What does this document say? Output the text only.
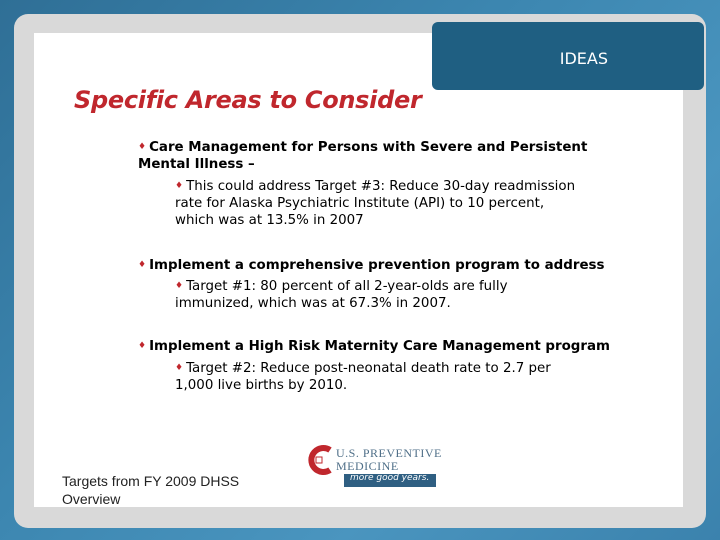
IDEAS
Specific Areas to Consider
♦ Care Management for Persons with Severe and Persistent
Mental Illness –
♦ This could address Target #3: Reduce 30-day readmission
rate for Alaska Psychiatric Institute (API) to 10 percent,
which was at 13.5% in 2007
♦ Implement a comprehensive prevention program to address
♦ Target #1: 80 percent of all 2-year-olds are fully
immunized, which was at 67.3% in 2007.
♦ Implement a High Risk Maternity Care Management program
♦ Target #2: Reduce post-neonatal death rate to 2.7 per
1,000 live births by 2010.
U.S. PREVENTIVE
MEDICINE
more good years.
Targets from FY 2009 DHSS
Overview
